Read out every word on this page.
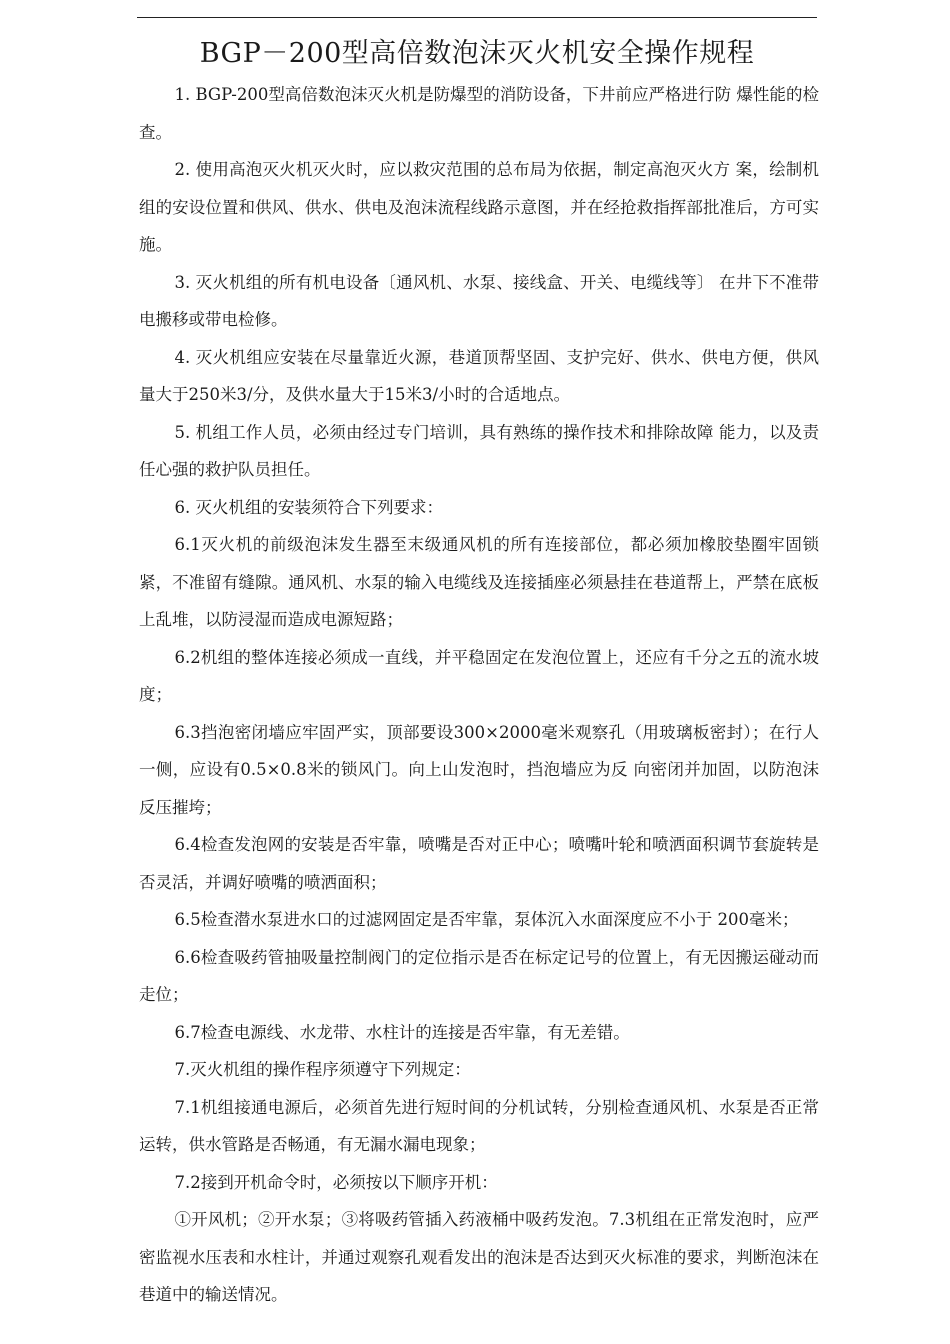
BGP－200型高倍数泡沫灭火机安全操作规程

1. BGP-200型高倍数泡沫灭火机是防爆型的消防设备，下井前应严格进行防 爆性能的检查。

2. 使用高泡灭火机灭火时，应以救灾范围的总布局为依据，制定高泡灭火方 案，绘制机组的安设位置和供风、供水、供电及泡沫流程线路示意图，并在经抢救指挥部批准后，方可实施。

3. 灭火机组的所有机电设备〔通风机、水泵、接线盒、开关、电缆线等〕 在井下不准带电搬移或带电检修。

4. 灭火机组应安装在尽量靠近火源，巷道顶帮坚固、支护完好、供水、供电方便，供风量大于250米3/分，及供水量大于15米3/小时的合适地点。

5. 机组工作人员，必须由经过专门培训，具有熟练的操作技术和排除故障 能力，以及责任心强的救护队员担任。

6. 灭火机组的安装须符合下列要求：

6.1灭火机的前级泡沫发生器至末级通风机的所有连接部位，都必须加橡胶垫圈牢固锁紧，不准留有缝隙。通风机、水泵的输入电缆线及连接插座必须悬挂在巷道帮上，严禁在底板上乱堆，以防浸湿而造成电源短路；

6.2机组的整体连接必须成一直线，并平稳固定在发泡位置上，还应有千分之五的流水坡度；

6.3挡泡密闭墙应牢固严实，顶部要设300×2000毫米观察孔（用玻璃板密封）；在行人一侧，应设有0.5×0.8米的锁风门。向上山发泡时，挡泡墙应为反 向密闭并加固，以防泡沫反压摧垮；

6.4检查发泡网的安装是否牢靠，喷嘴是否对正中心；喷嘴叶轮和喷洒面积调节套旋转是否灵活，并调好喷嘴的喷洒面积；

6.5检查潜水泵进水口的过滤网固定是否牢靠，泵体沉入水面深度应不小于 200毫米；

6.6检查吸药管抽吸量控制阀门的定位指示是否在标定记号的位置上，有无因搬运碰动而走位；

6.7检查电源线、水龙带、水柱计的连接是否牢靠，有无差错。

7.灭火机组的操作程序须遵守下列规定：

7.1机组接通电源后，必须首先进行短时间的分机试转，分别检查通风机、水泵是否正常运转，供水管路是否畅通，有无漏水漏电现象；

7.2接到开机命令时，必须按以下顺序开机：

①开风机；②开水泵；③将吸药管插入药液桶中吸药发泡。7.3机组在正常发泡时，应严密监视水压表和水柱计，并通过观察孔观看发出的泡沫是否达到灭火标准的要求，判断泡沫在巷道中的输送情况。
